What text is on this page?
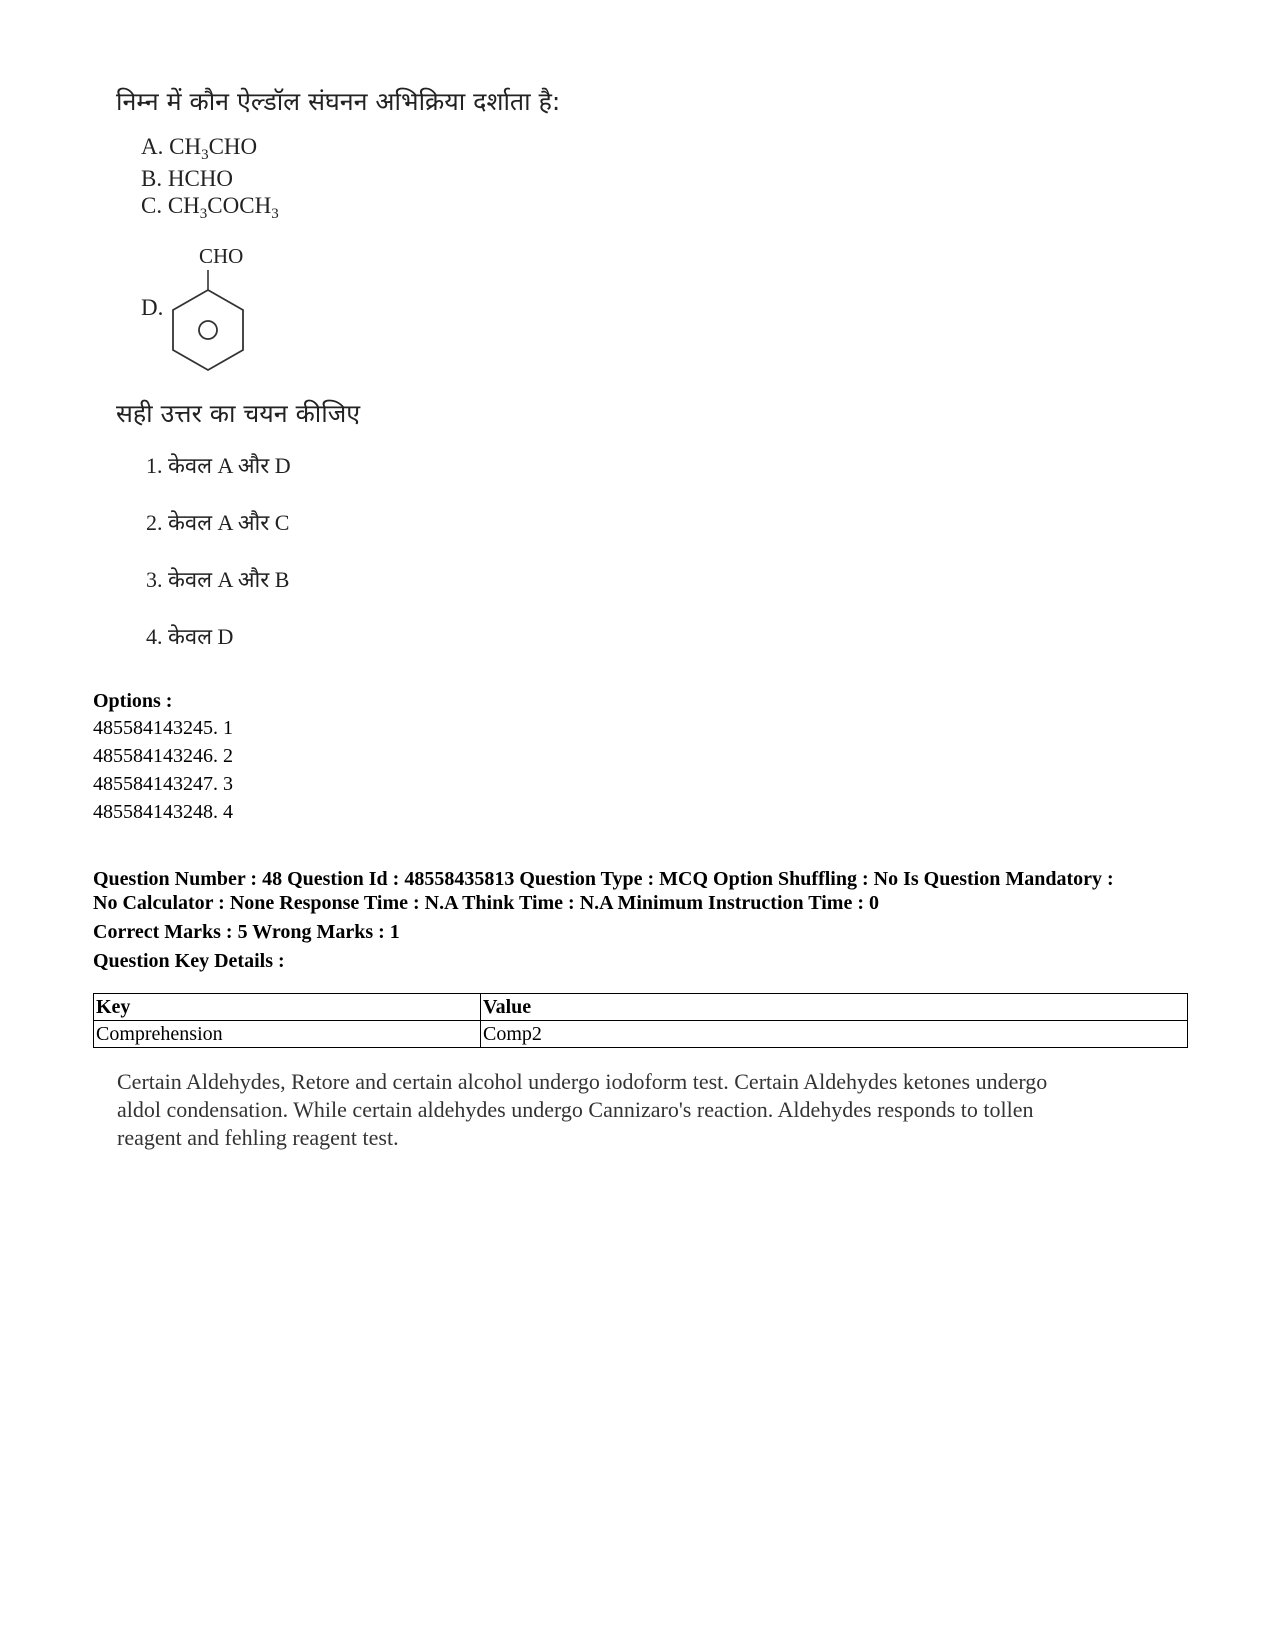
निम्न में कौन ऐल्डॉल संघनन अभिक्रिया दर्शाता है:
A. $CH_3CHO$
B. HCHO
C. $CH_3COCH_3$
D.
CHO
सही उत्तर का चयन कीजिए
1. केवल A और D
2. केवल A और C
3. केवल A और B
4. केवल D
Options :
485584143245. 1
485584143246. 2
485584143247. 3
485584143248. 4
Question Number : 48 Question Id : 48558435813 Question Type : MCQ Option Shuffling : No Is Question Mandatory :
No Calculator : None Response Time : N.A Think Time : N.A Minimum Instruction Time : 0
Correct Marks : 5 Wrong Marks : 1
Question Key Details :
Key	Value
Comprehension	Comp2
Certain Aldehydes, Retore and certain alcohol undergo iodoform test. Certain Aldehydes ketones undergo
aldol condensation. While certain aldehydes undergo Cannizaro's reaction. Aldehydes responds to tollen
reagent and fehling reagent test.
